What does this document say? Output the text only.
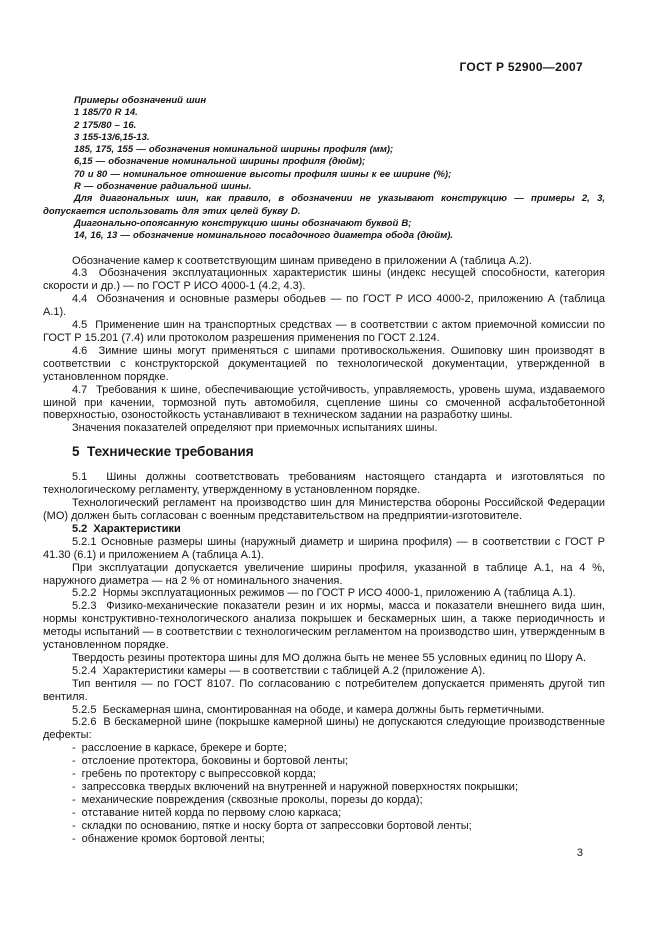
ГОСТ Р 52900—2007

Примеры обозначений шин

1 185/70 R 14.

2 175/80 – 16.

3 155-13/6,15-13.

185, 175, 155 — обозначения номинальной ширины профиля (мм);

6,15 — обозначение номинальной ширины профиля (дюйм);

70 и 80 — номинальное отношение высоты профиля шины к ее ширине (%);

R — обозначение радиальной шины.

Для диагональных шин, как правило, в обозначении не указывают конструкцию — примеры 2, 3, допускается использовать для этих целей букву D.

Диагонально-опоясанную конструкцию шины обозначают буквой В;

14, 16, 13 — обозначение номинального посадочного диаметра обода (дюйм).

Обозначение камер к соответствующим шинам приведено в приложении А (таблица А.2).

4.3  Обозначения эксплуатационных характеристик шины (индекс несущей способности, категория скорости и др.) — по ГОСТ Р ИСО 4000-1 (4.2, 4.3).

4.4  Обозначения и основные размеры ободьев — по ГОСТ Р ИСО 4000-2, приложению А (таблица А.1).

4.5  Применение шин на транспортных средствах — в соответствии с актом приемочной комиссии по ГОСТ Р 15.201 (7.4) или протоколом разрешения применения по ГОСТ 2.124.

4.6  Зимние шины могут применяться с шипами противоскольжения. Ошиповку шин производят в соответствии с конструкторской документацией по технологической документации, утвержденной в установленном порядке.

4.7  Требования к шине, обеспечивающие устойчивость, управляемость, уровень шума, издаваемого шиной при качении, тормозной путь автомобиля, сцепление шины со смоченной асфальтобетонной поверхностью, озоностойкость устанавливают в техническом задании на разработку шины.

Значения показателей определяют при приемочных испытаниях шины.

5  Технические требования

5.1  Шины должны соответствовать требованиям настоящего стандарта и изготовляться по технологическому регламенту, утвержденному в установленном порядке.

Технологический регламент на производство шин для Министерства обороны Российской Федерации (МО) должен быть согласован с военным представительством на предприятии-изготовителе.

5.2  Характеристики

5.2.1 Основные размеры шины (наружный диаметр и ширина профиля) — в соответствии с ГОСТ Р 41.30 (6.1) и приложением А (таблица А.1).

При эксплуатации допускается увеличение ширины профиля, указанной в таблице А.1, на 4 %, наружного диаметра — на 2 % от номинального значения.

5.2.2  Нормы эксплуатационных режимов — по ГОСТ Р ИСО 4000-1, приложению А (таблица А.1).

5.2.3  Физико-механические показатели резин и их нормы, масса и показатели внешнего вида шин, нормы конструктивно-технологического анализа покрышек и бескамерных шин, а также периодичность и методы испытаний — в соответствии с технологическим регламентом на производство шин, утвержденным в установленном порядке.

Твердость резины протектора шины для МО должна быть не менее 55 условных единиц по Шору А.

5.2.4  Характеристики камеры — в соответствии с таблицей А.2 (приложение А).

Тип вентиля — по ГОСТ 8107. По согласованию с потребителем допускается применять другой тип вентиля.

5.2.5  Бескамерная шина, смонтированная на ободе, и камера должны быть герметичными.

5.2.6  В бескамерной шине (покрышке камерной шины) не допускаются следующие производственные дефекты:

- расслоение в каркасе, брекере и борте;

- отслоение протектора, боковины и бортовой ленты;

- гребень по протектору с выпрессовкой корда;

- запрессовка твердых включений на внутренней и наружной поверхностях покрышки;

- механические повреждения (сквозные проколы, порезы до корда);

- отставание нитей корда по первому слою каркаса;

- складки по основанию, пятке и носку борта от запрессовки бортовой ленты;

- обнажение кромок бортовой ленты;

3
